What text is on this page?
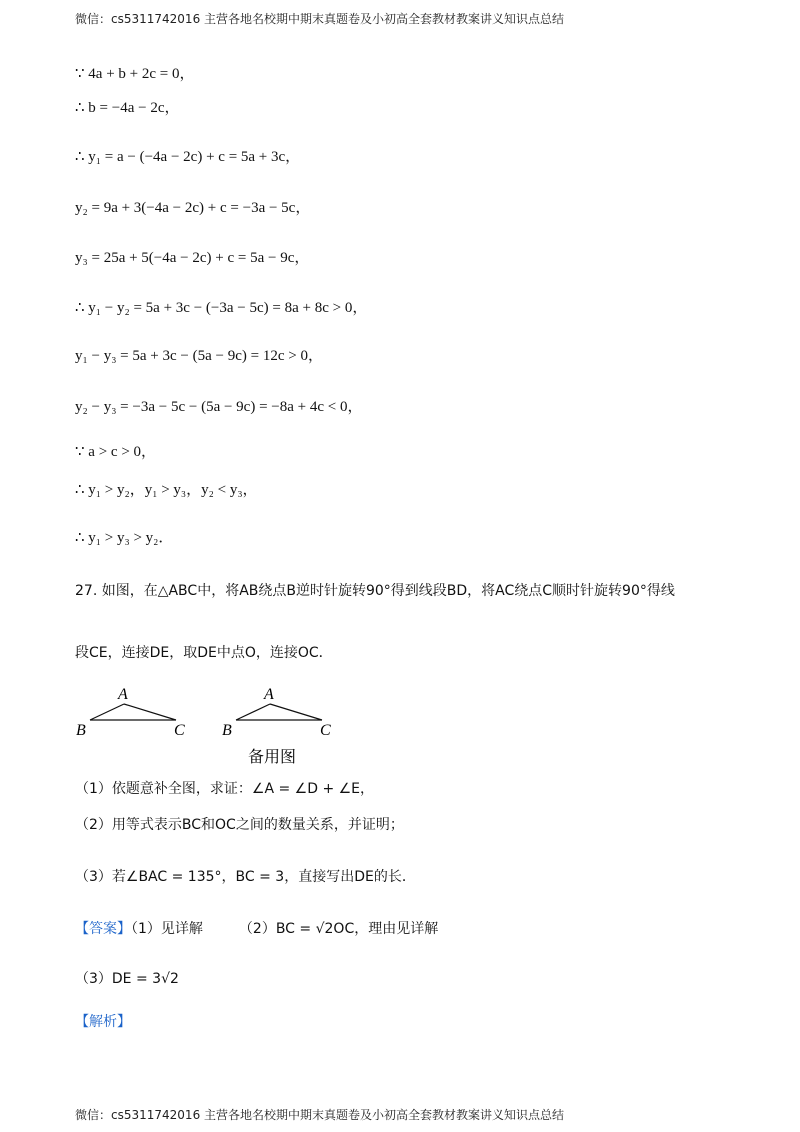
微信：cs5311742016 主营各地名校期中期末真题卷及小初高全套教材教案讲义知识点总结
∵ 4a + b + 2c = 0，
∴ b = −4a − 2c，
∴ y₁ = a − (−4a − 2c) + c = 5a + 3c，
y₂ = 9a + 3(−4a − 2c) + c = −3a − 5c，
y₃ = 25a + 5(−4a − 2c) + c = 5a − 9c，
∴ y₁ − y₂ = 5a + 3c − (−3a − 5c) = 8a + 8c > 0，
y₁ − y₃ = 5a + 3c − (5a − 9c) = 12c > 0，
y₂ − y₃ = −3a − 5c − (5a − 9c) = −8a + 4c < 0，
∵ a > c > 0，
∴ y₁ > y₂，y₁ > y₃，y₂ < y₃，
∴ y₁ > y₃ > y₂．
27. 如图，在△ABC中，将AB绕点B逆时针旋转90°得到线段BD，将AC绕点C顺时针旋转90°得线
段CE，连接DE，取DE中点O，连接OC．
A
B	C
A
B	C
备用图
（1）依题意补全图，求证：∠A = ∠D + ∠E，
（2）用等式表示BC和OC之间的数量关系，并证明；
（3）若∠BAC = 135°，BC = 3，直接写出DE的长．
【答案】（1）见详解	（2）BC = √2OC，理由见详解
（3）DE = 3√2
【解析】
微信：cs5311742016 主营各地名校期中期末真题卷及小初高全套教材教案讲义知识点总结
